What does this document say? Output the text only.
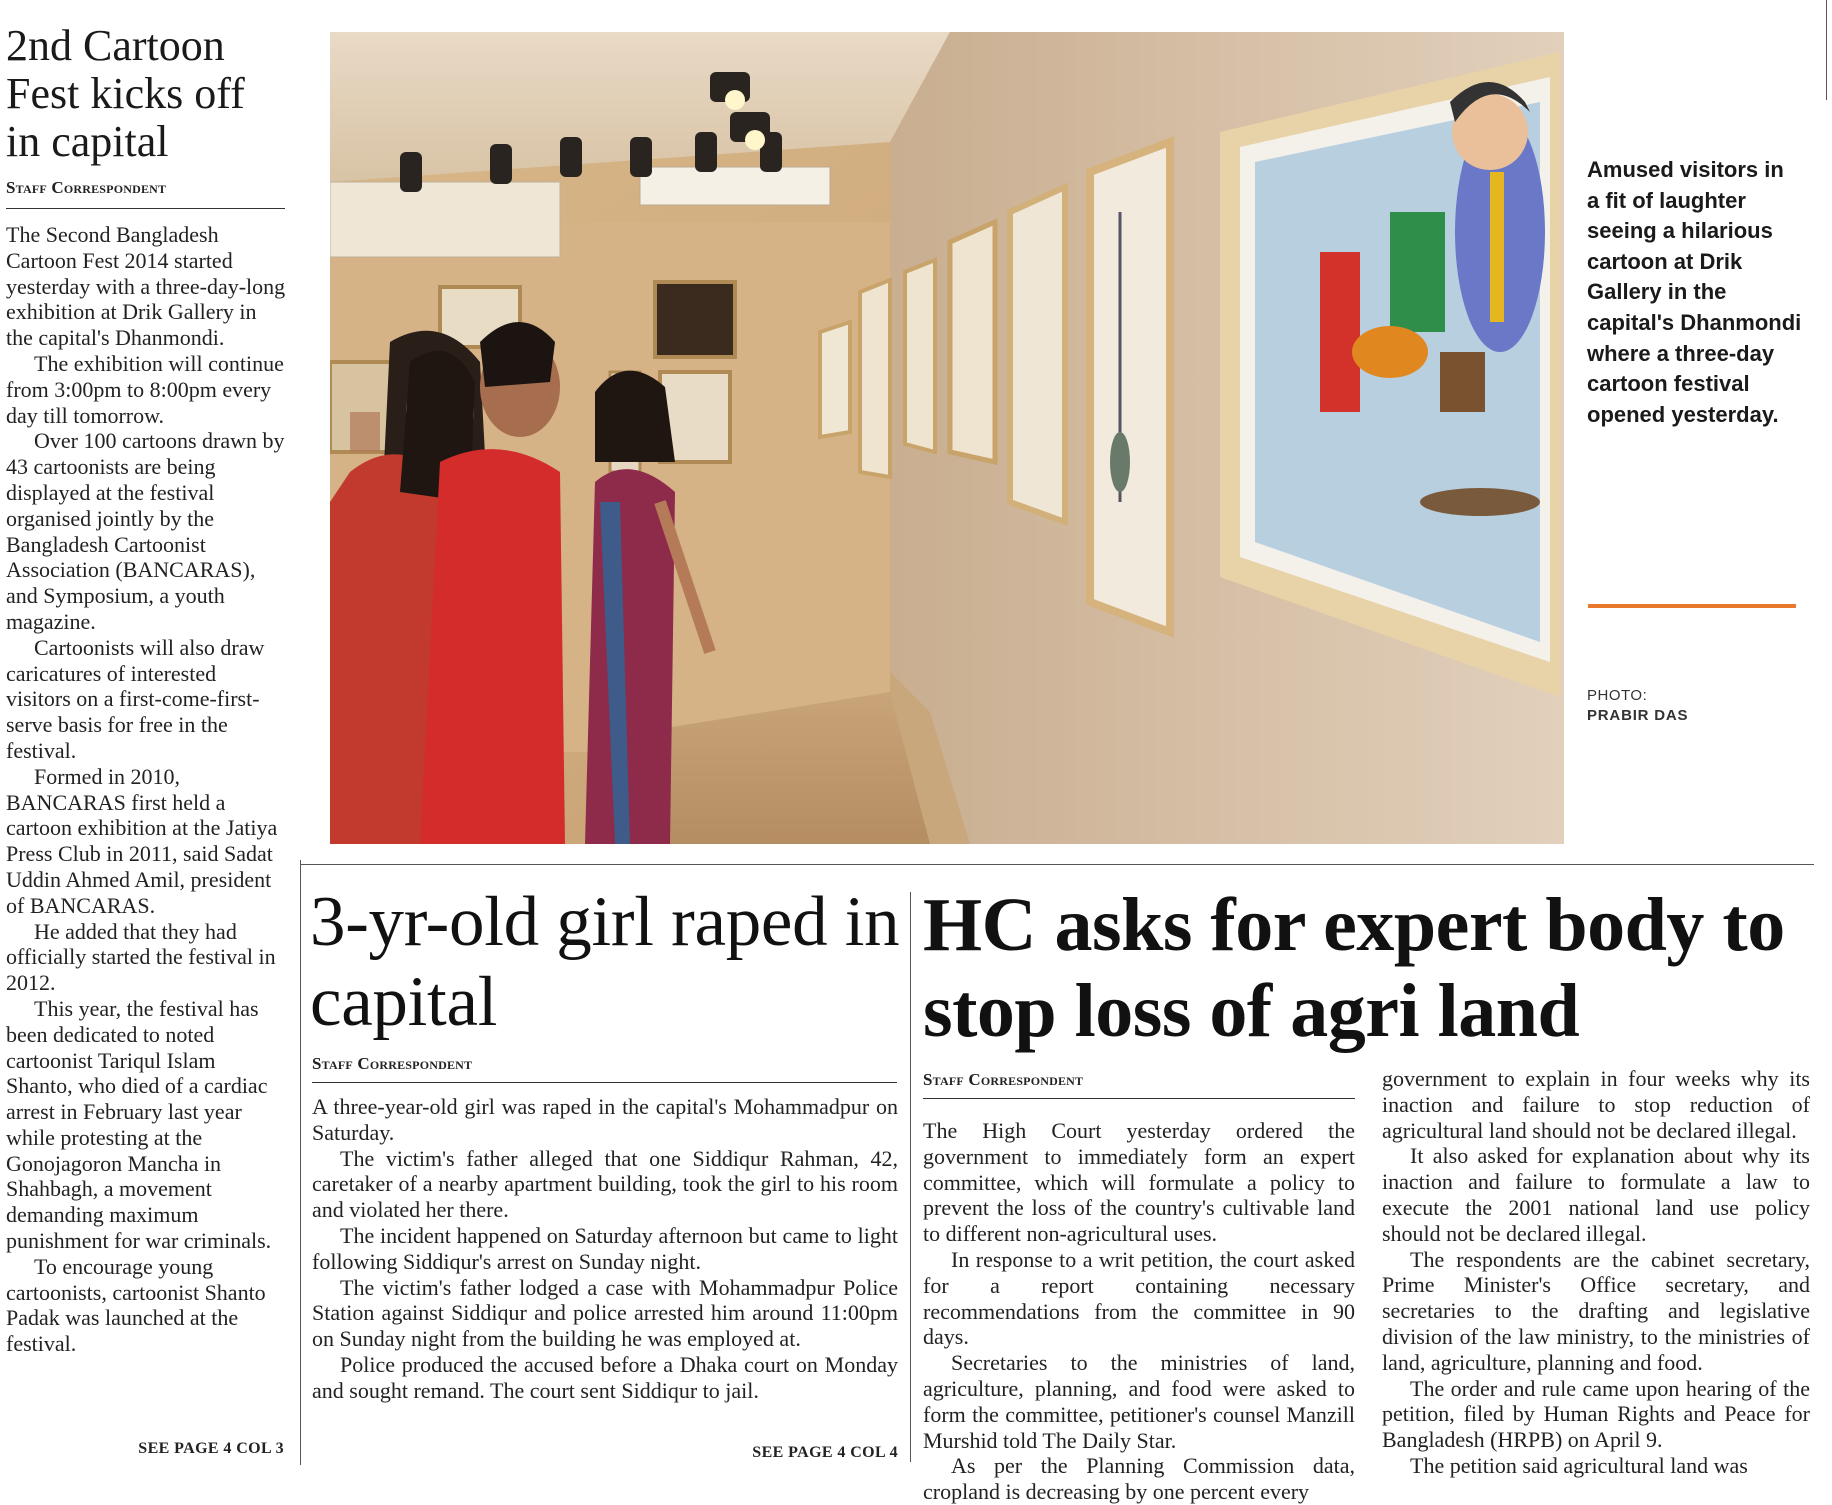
2nd Cartoon Fest kicks off in capital
Staff Correspondent

The Second Bangladesh Cartoon Fest 2014 started yesterday with a three-day-long exhibition at Drik Gallery in the capital's Dhanmondi.

The exhibition will continue from 3:00pm to 8:00pm every day till tomorrow.

Over 100 cartoons drawn by 43 cartoonists are being displayed at the festival organised jointly by the Bangladesh Cartoonist Association (BANCARAS), and Symposium, a youth magazine.

Cartoonists will also draw caricatures of interested visitors on a first-come-first-serve basis for free in the festival.

Formed in 2010, BANCARAS first held a cartoon exhibition at the Jatiya Press Club in 2011, said Sadat Uddin Ahmed Amil, president of BANCARAS.

He added that they had officially started the festival in 2012.

This year, the festival has been dedicated to noted cartoonist Tariqul Islam Shanto, who died of a cardiac arrest in February last year while protesting at the Gonojagoron Mancha in Shahbagh, a movement demanding maximum punishment for war criminals.

To encourage young cartoonists, cartoonist Shanto Padak was launched at the festival.

SEE PAGE 4 COL 3
Amused visitors in a fit of laughter seeing a hilarious cartoon at Drik Gallery in the capital's Dhanmondi where a three-day cartoon festival opened yesterday.
PHOTO:
PRABIR DAS
3-yr-old girl raped in capital
Staff Correspondent

A three-year-old girl was raped in the capital's Mohammadpur on Saturday.

The victim's father alleged that one Siddiqur Rahman, 42, caretaker of a nearby apartment building, took the girl to his room and violated her there.

The incident happened on Saturday afternoon but came to light following Siddiqur's arrest on Sunday night.

The victim's father lodged a case with Mohammadpur Police Station against Siddiqur and police arrested him around 11:00pm on Sunday night from the building he was employed at.

Police produced the accused before a Dhaka court on Monday and sought remand. The court sent Siddiqur to jail.

SEE PAGE 4 COL 4
HC asks for expert body to stop loss of agri land
Staff Correspondent

The High Court yesterday ordered the government to immediately form an expert committee, which will formulate a policy to prevent the loss of the country's cultivable land to different non-agricultural uses.

In response to a writ petition, the court asked for a report containing necessary recommendations from the committee in 90 days.

Secretaries to the ministries of land, agriculture, planning, and food were asked to form the committee, petitioner's counsel Manzill Murshid told The Daily Star.

As per the Planning Commission data, cropland is decreasing by one percent every

government to explain in four weeks why its inaction and failure to stop reduction of agricultural land should not be declared illegal.

It also asked for explanation about why its inaction and failure to formulate a law to execute the 2001 national land use policy should not be declared illegal.

The respondents are the cabinet secretary, Prime Minister's Office secretary, and secretaries to the drafting and legislative division of the law ministry, to the ministries of land, agriculture, planning and food.

The order and rule came upon hearing of the petition, filed by Human Rights and Peace for Bangladesh (HRPB) on April 9.

The petition said agricultural land was
